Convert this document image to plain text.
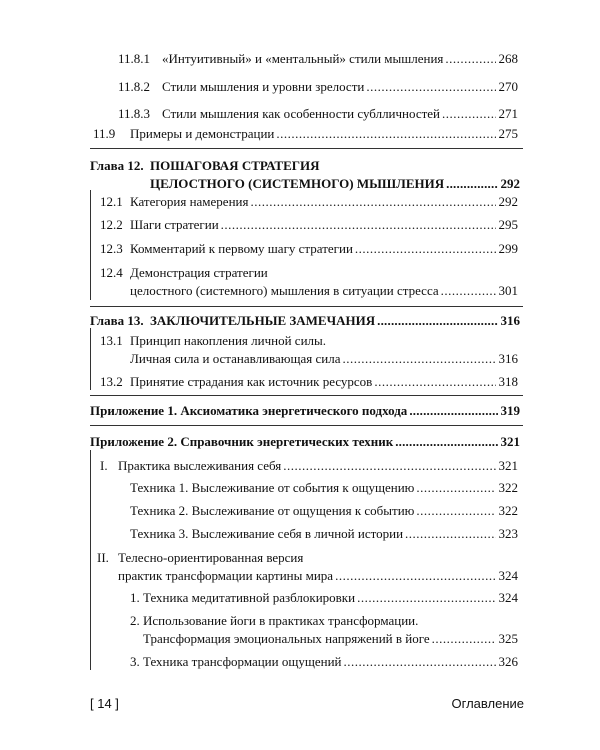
11.8.1 «Интуитивный» и «ментальный» стили мышления .....	268
11.8.2 Стили мышления и уровни зрелости .....	270
11.8.3 Стили мышления как особенности сублличностей .....	271
11.9 Примеры и демонстрации .....	275
Глава 12. ПОШАГОВАЯ СТРАТЕГИЯ
ЦЕЛОСТНОГО (СИСТЕМНОГО) МЫШЛЕНИЯ .....	292
12.1 Категория намерения .....	292
12.2 Шаги стратегии .....	295
12.3 Комментарий к первому шагу стратегии .....	299
12.4 Демонстрация стратегии
целостного (системного) мышления в ситуации стресса .....	301
Глава 13. ЗАКЛЮЧИТЕЛЬНЫЕ ЗАМЕЧАНИЯ .....	316
13.1 Принцип накопления личной силы.
Личная сила и останавливающая сила .....	316
13.2 Принятие страдания как источник ресурсов .....	318
Приложение 1. Аксиоматика энергетического подхода .....	319
Приложение 2. Справочник энергетических техник .....	321
I. Практика выслеживания себя .....	321
Техника 1. Выслеживание от события к ощущению .....	322
Техника 2. Выслеживание от ощущения к событию .....	322
Техника 3. Выслеживание себя в личной истории .....	323
II. Телесно-ориентированная версия
практик трансформации картины мира .....	324
1. Техника медитативной разблокировки .....	324
2. Использование йоги в практиках трансформации.
Трансформация эмоциональных напряжений в йоге .....	325
3. Техника трансформации ощущений .....	326
[ 14 ]	Оглавление
